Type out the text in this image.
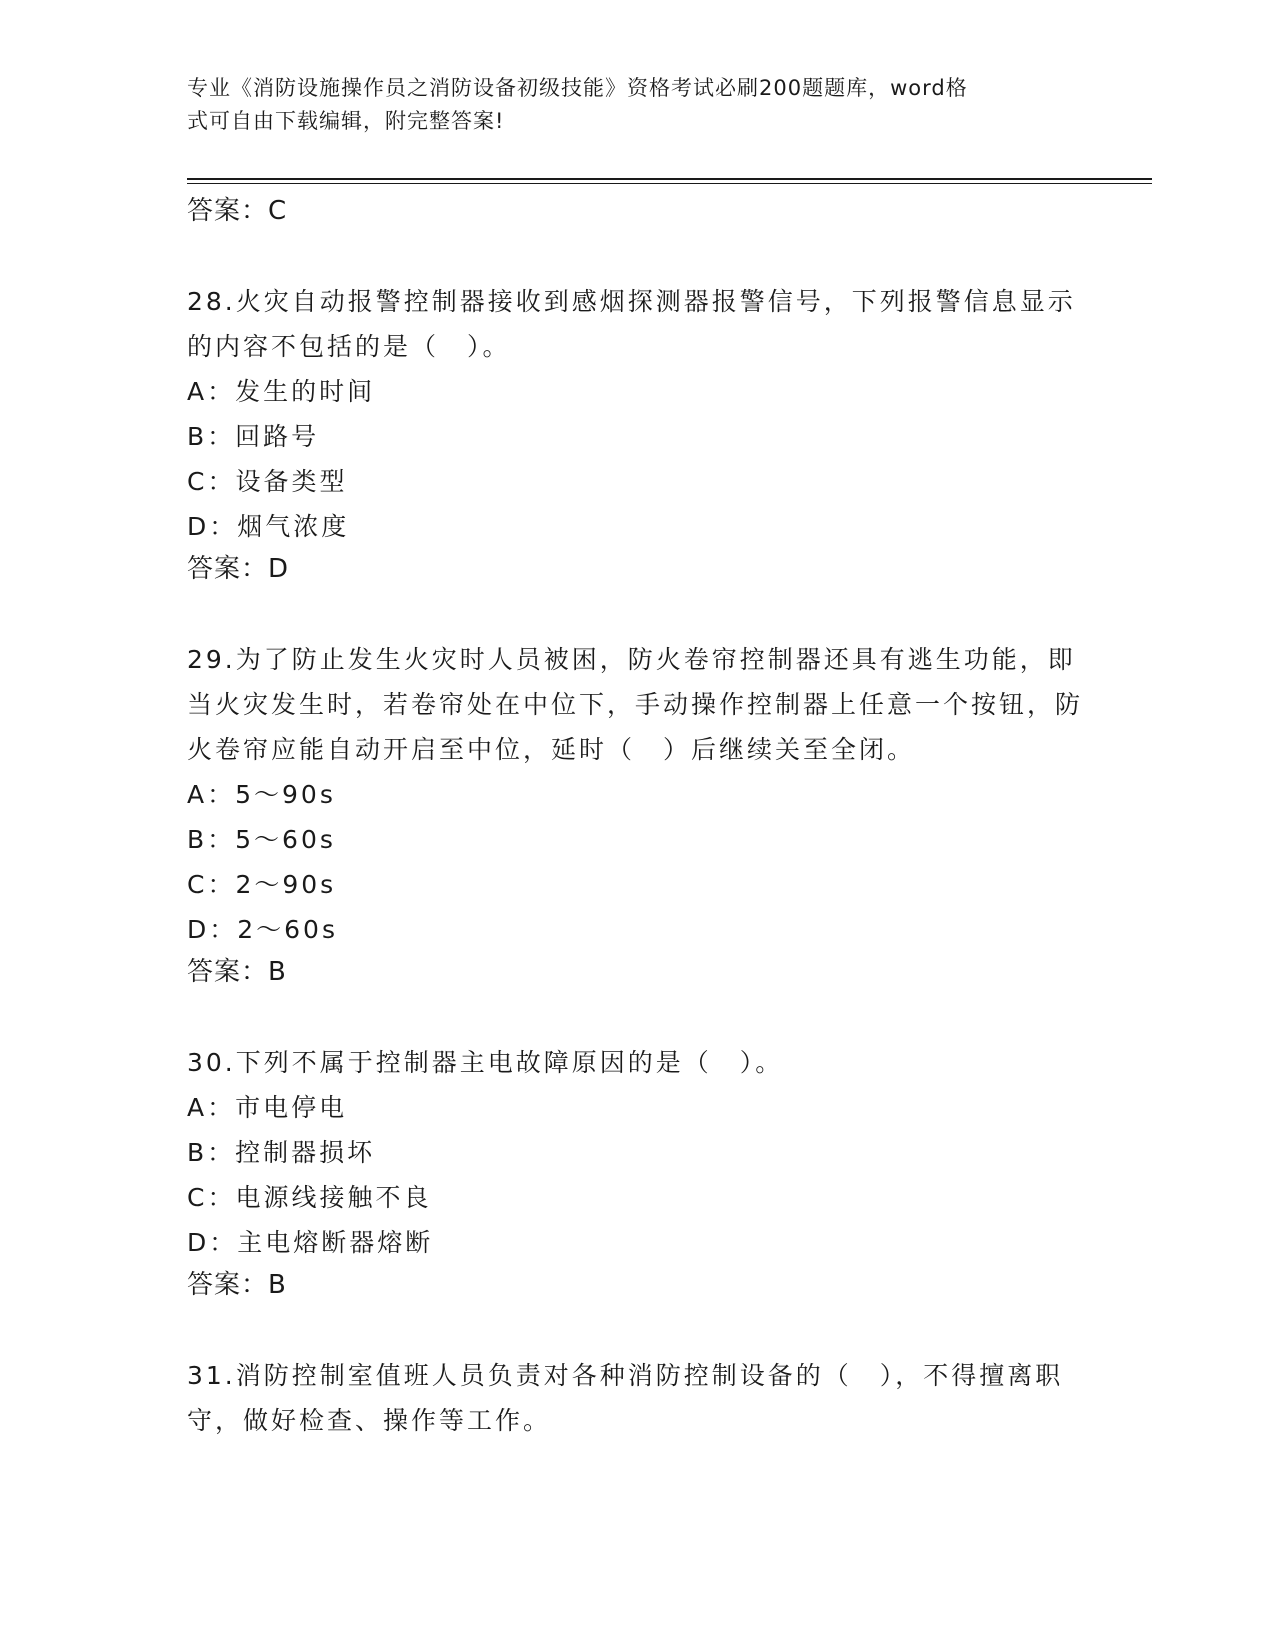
专业《消防设施操作员之消防设备初级技能》资格考试必刷200题题库，word格
式可自由下载编辑，附完整答案!

答案：C

28.火灾自动报警控制器接收到感烟探测器报警信号，下列报警信息显示的内容不包括的是（　）。

A：发生的时间

B：回路号

C：设备类型

D：烟气浓度

答案：D

29.为了防止发生火灾时人员被困，防火卷帘控制器还具有逃生功能，即当火灾发生时，若卷帘处在中位下，手动操作控制器上任意一个按钮，防火卷帘应能自动开启至中位，延时（　）后继续关至全闭。

A：5～90s

B：5～60s

C：2～90s

D：2～60s

答案：B

30.下列不属于控制器主电故障原因的是（　）。

A：市电停电

B：控制器损坏

C：电源线接触不良

D：主电熔断器熔断

答案：B

31.消防控制室值班人员负责对各种消防控制设备的（　），不得擅离职守，做好检查、操作等工作。
